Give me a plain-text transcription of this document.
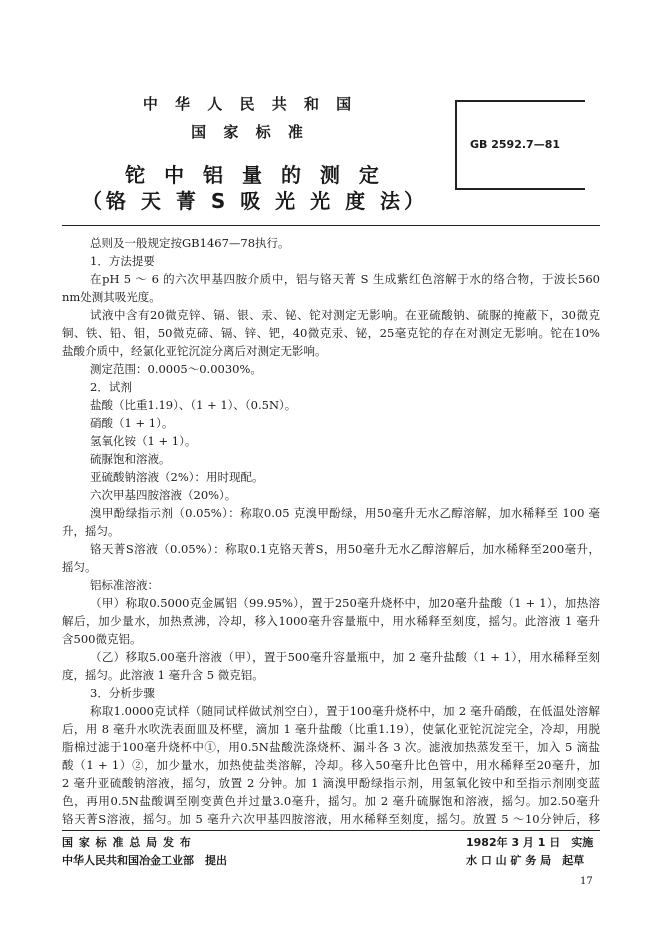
中 华 人 民 共 和 国
国 家 标 准
GB 2592.7—81
铊 中 铝 量 的 测 定
（铬 天 菁 S 吸 光 光 度 法）
总则及一般规定按GB1467—78执行。
1．方法提要
在pH 5 ～ 6 的六次甲基四胺介质中，铝与铬天菁 S 生成紫红色溶解于水的络合物，于波长560
nm处测其吸光度。
试液中含有20微克锌、镉、银、汞、铋、铊对测定无影响。在亚硫酸钠、硫脲的掩蔽下，30微克
铜、铁、铅、钼，50微克碲、镉、锌、钯，40微克汞、铋，25毫克铊的存在对测定无影响。铊在10%
盐酸介质中，经氯化亚铊沉淀分离后对测定无影响。
测定范围：0.0005～0.0030%。
2．试剂
盐酸（比重1.19）、（1 + 1）、（0.5N）。
硝酸（1 + 1）。
氢氧化铵（1 + 1）。
硫脲饱和溶液。
亚硫酸钠溶液（2%）：用时现配。
六次甲基四胺溶液（20%）。
溴甲酚绿指示剂（0.05%）：称取0.05 克溴甲酚绿，用50毫升无水乙醇溶解，加水稀释至 100 毫
升，摇匀。
铬天菁S溶液（0.05%）：称取0.1克铬天菁S，用50毫升无水乙醇溶解后，加水稀释至200毫升，
摇匀。
铝标准溶液：
（甲）称取0.5000克金属铝（99.95%），置于250毫升烧杯中，加20毫升盐酸（1 + 1），加热溶
解后，加少量水，加热煮沸，冷却，移入1000毫升容量瓶中，用水稀释至刻度，摇匀。此溶液 1 毫升
含500微克铝。
（乙）移取5.00毫升溶液（甲），置于500毫升容量瓶中，加 2 毫升盐酸（1 + 1），用水稀释至刻
度，摇匀。此溶液 1 毫升含 5 微克铝。
3．分析步骤
称取1.0000克试样（随同试样做试剂空白），置于100毫升烧杯中，加 2 毫升硝酸，在低温处溶解
后，用 8 毫升水吹洗表面皿及杯壁，滴加 1 毫升盐酸（比重1.19），使氯化亚铊沉淀完全，冷却，用脱
脂棉过滤于100毫升烧杯中①，用0.5N盐酸洗涤烧杯、漏斗各 3 次。滤液加热蒸发至干，加入 5 滴盐
酸（1 + 1）②，加少量水，加热使盐类溶解，冷却。移入50毫升比色管中，用水稀释至20毫升，加
2 毫升亚硫酸钠溶液，摇匀，放置 2 分钟。加 1 滴溴甲酚绿指示剂，用氢氧化铵中和至指示剂刚变蓝
色，再用0.5N盐酸调至刚变黄色并过量3.0毫升，摇匀。加 2 毫升硫脲饱和溶液，摇匀。加2.50毫升
铬天菁S溶液，摇匀。加 5 毫升六次甲基四胺溶液，用水稀释至刻度，摇匀。放置 5 ～10分钟后，移
国 家 标 准 总 局 发 布	1982年 3 月 1 日　实施
中华人民共和国冶金工业部　提出	水 口 山 矿 务 局　起草
17
